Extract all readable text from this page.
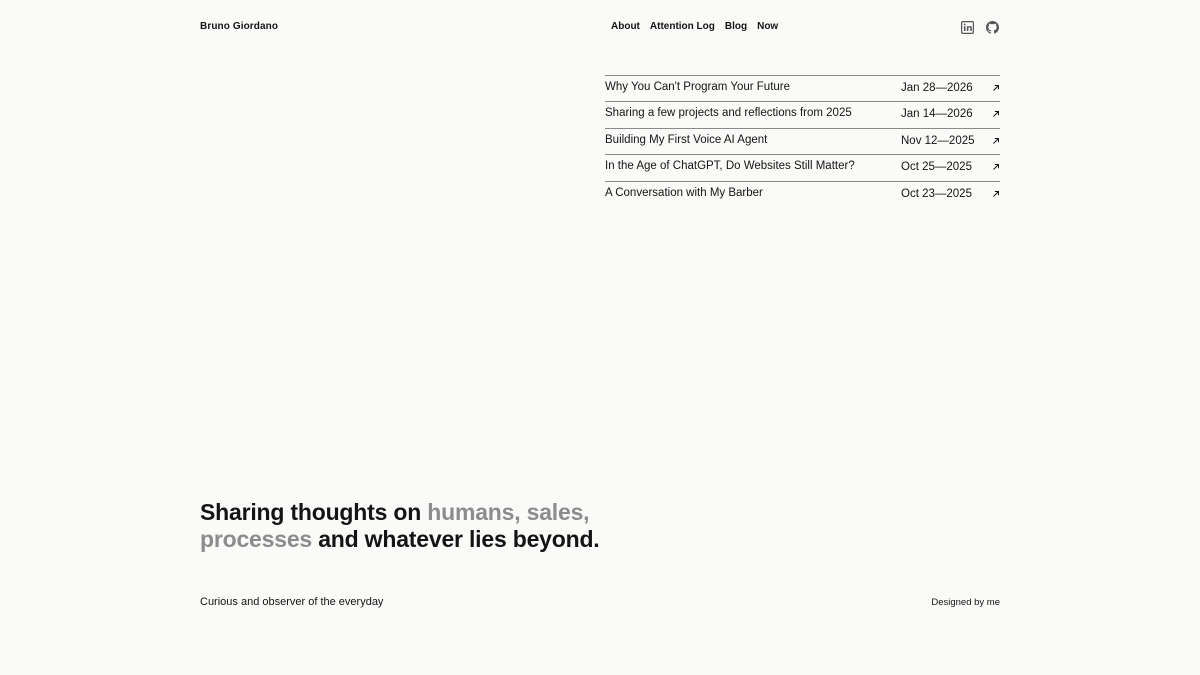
Bruno Giordano	About Attention Log Blog Now
Why You Can't Program Your Future	Jan 28—2026
Sharing a few projects and reflections from 2025	Jan 14—2026
Building My First Voice AI Agent	Nov 12—2025
In the Age of ChatGPT, Do Websites Still Matter?	Oct 25—2025
A Conversation with My Barber	Oct 23—2025
Sharing thoughts on humans, sales, processes and whatever lies beyond.

Curious and observer of the everyday	Designed by me
